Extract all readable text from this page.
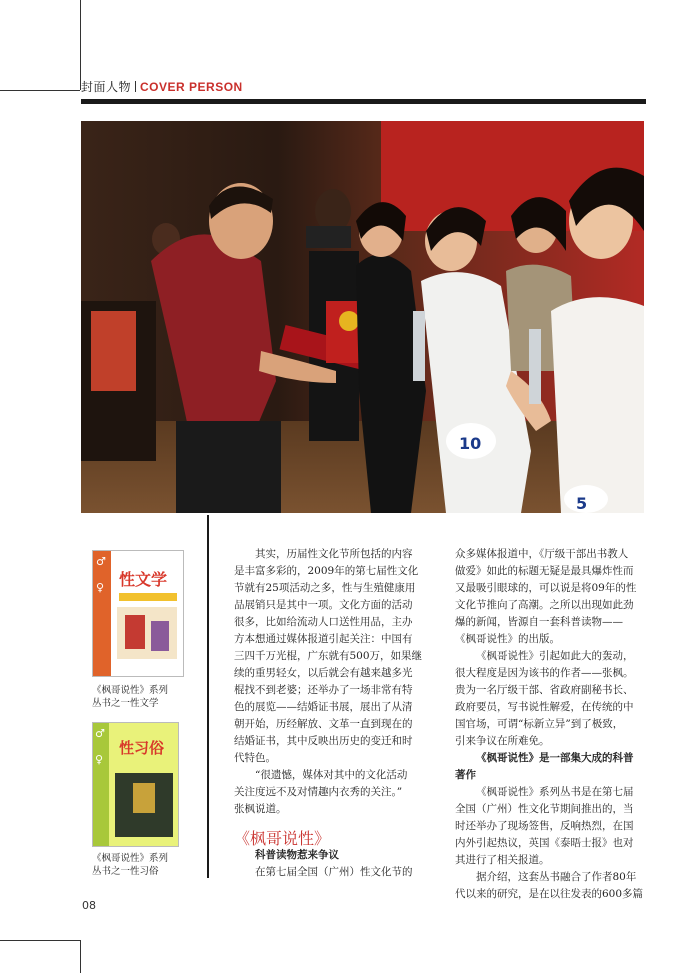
封面人物 COVER PERSON
10
5
性文学
♂
♀
《枫哥说性》系列
丛书之一性文学
性习俗
♂
♀
《枫哥说性》系列
丛书之一性习俗
其实，历届性文化节所包括的内容
是丰富多彩的，2009年的第七届性文化
节就有25项活动之多，性与生殖健康用
品展销只是其中一项。文化方面的活动
很多，比如给流动人口送性用品，主办
方本想通过媒体报道引起关注：中国有
三四千万光棍，广东就有500万，如果继
续的重男轻女，以后就会有越来越多光
棍找不到老婆；还举办了一场非常有特
色的展览——结婚证书展，展出了从清
朝开始，历经解放、文革一直到现在的
结婚证书，其中反映出历史的变迁和时
代特色。
“很遗憾，媒体对其中的文化活动
关注度远不及对情趣内衣秀的关注。”
张枫说道。
《枫哥说性》
科普读物惹来争议
在第七届全国（广州）性文化节的
众多媒体报道中，《厅级干部出书教人
做爱》如此的标题无疑是最具爆炸性而
又最吸引眼球的，可以说是将09年的性
文化节推向了高潮。之所以出现如此劲
爆的新闻，皆源自一套科普读物——
《枫哥说性》的出版。
《枫哥说性》引起如此大的轰动，
很大程度是因为该书的作者——张枫。
贵为一名厅级干部、省政府副秘书长、
政府要员，写书说性解爱，在传统的中
国官场，可谓“标新立异”到了极致，
引来争议在所难免。
《枫哥说性》是一部集大成的科普
著作
《枫哥说性》系列丛书是在第七届
全国（广州）性文化节期间推出的，当
时还举办了现场签售，反响热烈，在国
内外引起热议，英国《泰晤士报》也对
其进行了相关报道。
据介绍，这套丛书融合了作者80年
代以来的研究，是在以往发表的600多篇
08
